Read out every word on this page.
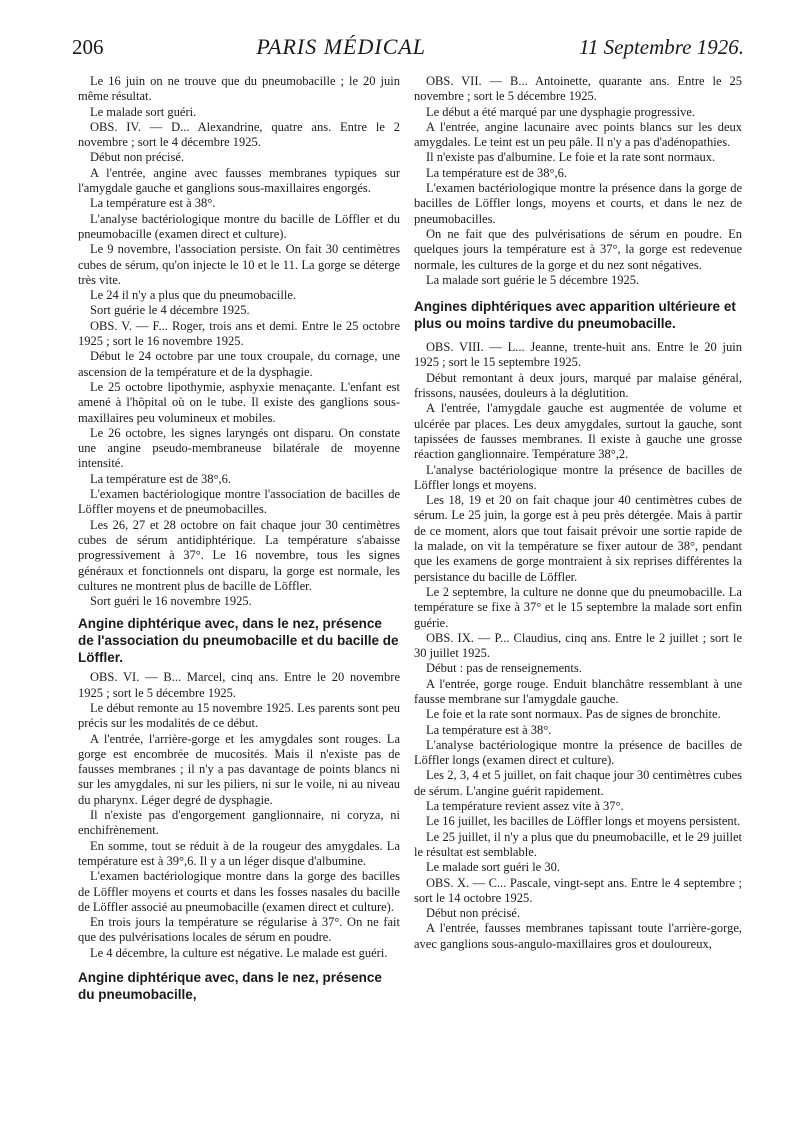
206	PARIS MÉDICAL	11 Septembre 1926.

Le 16 juin on ne trouve que du pneumobacille ; le 20 juin même résultat.

Le malade sort guéri.

OBS. IV. — D... Alexandrine, quatre ans. Entre le 2 novembre ; sort le 4 décembre 1925.

Début non précisé.

A l'entrée, angine avec fausses membranes typiques sur l'amygdale gauche et ganglions sous-maxillaires engorgés.

La température est à 38°.

L'analyse bactériologique montre du bacille de Löffler et du pneumobacille (examen direct et culture).

Le 9 novembre, l'association persiste. On fait 30 centimètres cubes de sérum, qu'on injecte le 10 et le 11. La gorge se déterge très vite.

Le 24 il n'y a plus que du pneumobacille.

Sort guérie le 4 décembre 1925.

OBS. V. — F... Roger, trois ans et demi. Entre le 25 octobre 1925 ; sort le 16 novembre 1925.

Début le 24 octobre par une toux croupale, du cornage, une ascension de la température et de la dysphagie.

Le 25 octobre lipothymie, asphyxie menaçante. L'enfant est amené à l'hôpital où on le tube. Il existe des ganglions sous-maxillaires peu volumineux et mobiles.

Le 26 octobre, les signes laryngés ont disparu. On constate une angine pseudo-membraneuse bilatérale de moyenne intensité.

La température est de 38°,6.

L'examen bactériologique montre l'association de bacilles de Löffler moyens et de pneumobacilles.

Les 26, 27 et 28 octobre on fait chaque jour 30 centimètres cubes de sérum antidiphtérique. La température s'abaisse progressivement à 37°. Le 16 novembre, tous les signes généraux et fonctionnels ont disparu, la gorge est normale, les cultures ne montrent plus de bacille de Löffler.

Sort guéri le 16 novembre 1925.

Angine diphtérique avec, dans le nez, présence de l'association du pneumobacille et du bacille de Löffler.

OBS. VI. — B... Marcel, cinq ans. Entre le 20 novembre 1925 ; sort le 5 décembre 1925.

Le début remonte au 15 novembre 1925. Les parents sont peu précis sur les modalités de ce début.

A l'entrée, l'arrière-gorge et les amygdales sont rouges. La gorge est encombrée de mucosités. Mais il n'existe pas de fausses membranes ; il n'y a pas davantage de points blancs ni sur les amygdales, ni sur les piliers, ni sur le voile, ni au niveau du pharynx. Léger degré de dysphagie.

Il n'existe pas d'engorgement ganglionnaire, ni coryza, ni enchifrènement.

En somme, tout se réduit à de la rougeur des amygdales. La température est à 39°,6. Il y a un léger disque d'albumine.

L'examen bactériologique montre dans la gorge des bacilles de Löffler moyens et courts et dans les fosses nasales du bacille de Löffler associé au pneumobacille (examen direct et culture).

En trois jours la température se régularise à 37°. On ne fait que des pulvérisations locales de sérum en poudre.

Le 4 décembre, la culture est négative. Le malade est guéri.

Angine diphtérique avec, dans le nez, présence du pneumobacille,

OBS. VII. — B... Antoinette, quarante ans. Entre le 25 novembre ; sort le 5 décembre 1925.

Le début a été marqué par une dysphagie progressive.

A l'entrée, angine lacunaire avec points blancs sur les deux amygdales. Le teint est un peu pâle. Il n'y a pas d'adénopathies.

Il n'existe pas d'albumine. Le foie et la rate sont normaux.

La température est de 38°,6.

L'examen bactériologique montre la présence dans la gorge de bacilles de Löffler longs, moyens et courts, et dans le nez de pneumobacilles.

On ne fait que des pulvérisations de sérum en poudre. En quelques jours la température est à 37°, la gorge est redevenue normale, les cultures de la gorge et du nez sont négatives.

La malade sort guérie le 5 décembre 1925.

Angines diphtériques avec apparition ultérieure et plus ou moins tardive du pneumobacille.

OBS. VIII. — L... Jeanne, trente-huit ans. Entre le 20 juin 1925 ; sort le 15 septembre 1925.

Début remontant à deux jours, marqué par malaise général, frissons, nausées, douleurs à la déglutition.

A l'entrée, l'amygdale gauche est augmentée de volume et ulcérée par places. Les deux amygdales, surtout la gauche, sont tapissées de fausses membranes. Il existe à gauche une grosse réaction ganglionnaire. Température 38°,2.

L'analyse bactériologique montre la présence de bacilles de Löffler longs et moyens.

Les 18, 19 et 20 on fait chaque jour 40 centimètres cubes de sérum. Le 25 juin, la gorge est à peu près détergée. Mais à partir de ce moment, alors que tout faisait prévoir une sortie rapide de la malade, on vit la température se fixer autour de 38°, pendant que les examens de gorge montraient à six reprises différentes la persistance du bacille de Löffler.

Le 2 septembre, la culture ne donne que du pneumobacille. La température se fixe à 37° et le 15 septembre la malade sort enfin guérie.

OBS. IX. — P... Claudius, cinq ans. Entre le 2 juillet ; sort le 30 juillet 1925.

Début : pas de renseignements.

A l'entrée, gorge rouge. Enduit blanchâtre ressemblant à une fausse membrane sur l'amygdale gauche.

Le foie et la rate sont normaux. Pas de signes de bronchite.

La température est à 38°.

L'analyse bactériologique montre la présence de bacilles de Löffler longs (examen direct et culture).

Les 2, 3, 4 et 5 juillet, on fait chaque jour 30 centimètres cubes de sérum. L'angine guérit rapidement.

La température revient assez vite à 37°.

Le 16 juillet, les bacilles de Löffler longs et moyens persistent.

Le 25 juillet, il n'y a plus que du pneumobacille, et le 29 juillet le résultat est semblable.

Le malade sort guéri le 30.

OBS. X. — C... Pascale, vingt-sept ans. Entre le 4 septembre ; sort le 14 octobre 1925.

Début non précisé.

A l'entrée, fausses membranes tapissant toute l'arrière-gorge, avec ganglions sous-angulo-maxillaires gros et douloureux,
